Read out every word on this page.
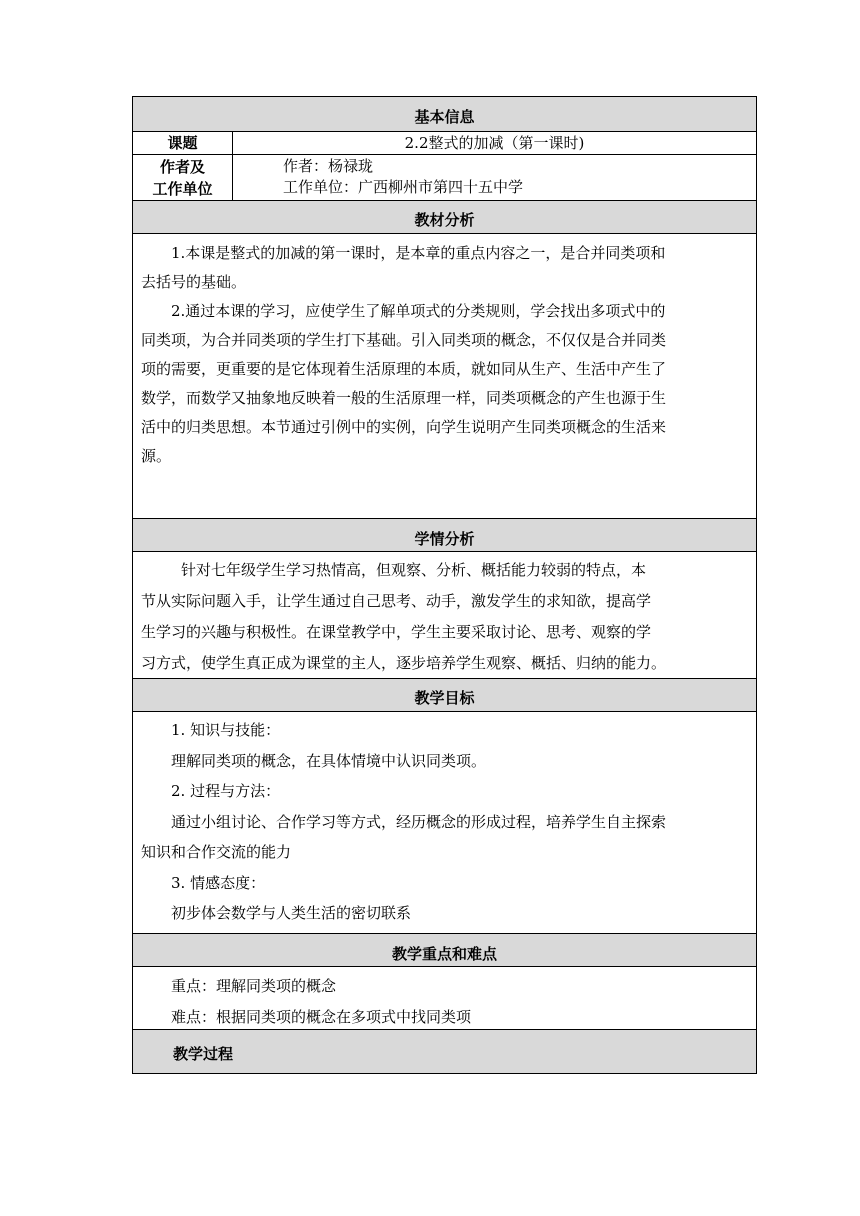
基本信息
课题	2.2整式的加减（第一课时)
作者及
工作单位
作者：杨禄珑
工作单位：广西柳州市第四十五中学
教材分析

1.本课是整式的加减的第一课时，是本章的重点内容之一，是合并同类项和

去括号的基础。

2.通过本课的学习，应使学生了解单项式的分类规则，学会找出多项式中的

同类项，为合并同类项的学生打下基础。引入同类项的概念，不仅仅是合并同类

项的需要，更重要的是它体现着生活原理的本质，就如同从生产、生活中产生了

数学，而数学又抽象地反映着一般的生活原理一样，同类项概念的产生也源于生

活中的归类思想。本节通过引例中的实例，向学生说明产生同类项概念的生活来

源。

学情分析

针对七年级学生学习热情高，但观察、分析、概括能力较弱的特点，本

节从实际问题入手，让学生通过自己思考、动手，激发学生的求知欲，提高学

生学习的兴趣与积极性。在课堂教学中，学生主要采取讨论、思考、观察的学

习方式，使学生真正成为课堂的主人，逐步培养学生观察、概括、归纳的能力。

教学目标

1. 知识与技能：

理解同类项的概念，在具体情境中认识同类项。

2. 过程与方法：

通过小组讨论、合作学习等方式，经历概念的形成过程，培养学生自主探索

知识和合作交流的能力

3. 情感态度：

初步体会数学与人类生活的密切联系

教学重点和难点

重点：理解同类项的概念

难点：根据同类项的概念在多项式中找同类项

教学过程
